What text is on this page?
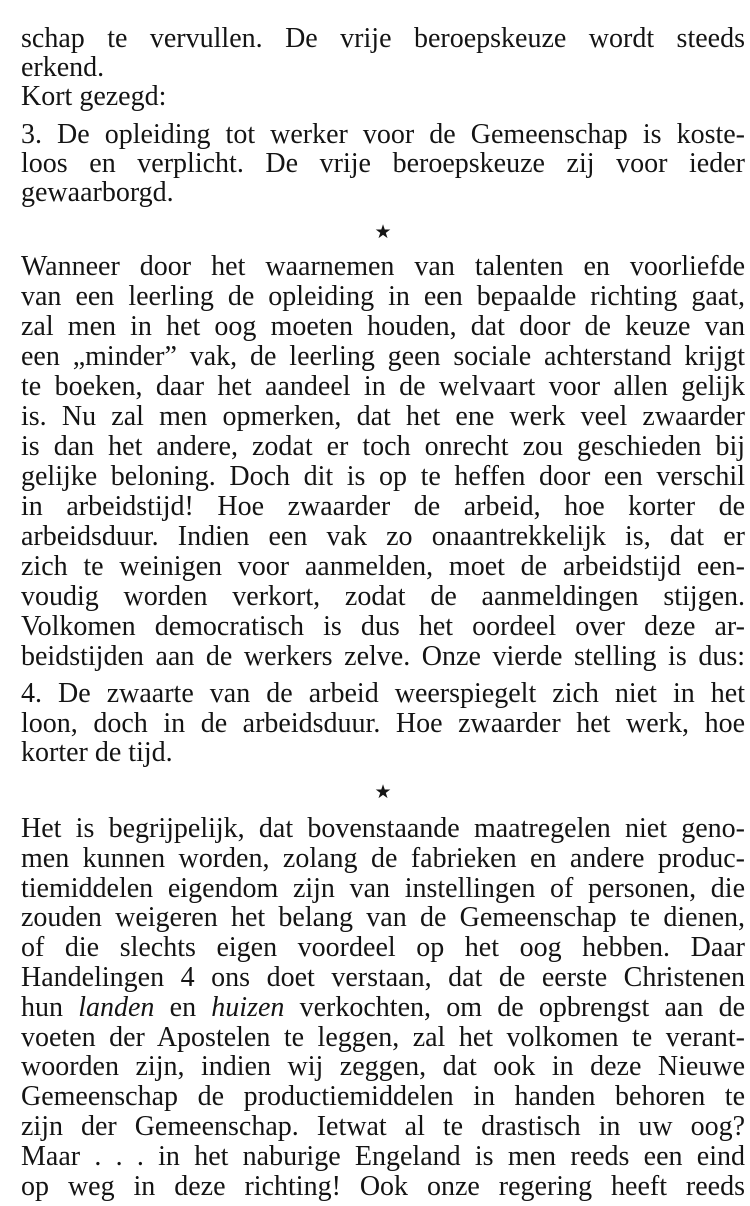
schap te vervullen. De vrije beroepskeuze wordt steeds
erkend.
Kort gezegd:
3. De opleiding tot werker voor de Gemeenschap is koste-
loos en verplicht. De vrije beroepskeuze zij voor ieder
gewaarborgd.
★
Wanneer door het waarnemen van talenten en voorliefde
van een leerling de opleiding in een bepaalde richting gaat,
zal men in het oog moeten houden, dat door de keuze van
een „minder” vak, de leerling geen sociale achterstand krijgt
te boeken, daar het aandeel in de welvaart voor allen gelijk
is. Nu zal men opmerken, dat het ene werk veel zwaarder
is dan het andere, zodat er toch onrecht zou geschieden bij
gelijke beloning. Doch dit is op te heffen door een verschil
in arbeidstijd! Hoe zwaarder de arbeid, hoe korter de
arbeidsduur. Indien een vak zo onaantrekkelijk is, dat er
zich te weinigen voor aanmelden, moet de arbeidstijd een-
voudig worden verkort, zodat de aanmeldingen stijgen.
Volkomen democratisch is dus het oordeel over deze ar-
beidstijden aan de werkers zelve. Onze vierde stelling is dus:
4. De zwaarte van de arbeid weerspiegelt zich niet in het
loon, doch in de arbeidsduur. Hoe zwaarder het werk, hoe
korter de tijd.
★
Het is begrijpelijk, dat bovenstaande maatregelen niet geno-
men kunnen worden, zolang de fabrieken en andere produc-
tiemiddelen eigendom zijn van instellingen of personen, die
zouden weigeren het belang van de Gemeenschap te dienen,
of die slechts eigen voordeel op het oog hebben. Daar
Handelingen 4 ons doet verstaan, dat de eerste Christenen
hun landen en huizen verkochten, om de opbrengst aan de
voeten der Apostelen te leggen, zal het volkomen te verant-
woorden zijn, indien wij zeggen, dat ook in deze Nieuwe
Gemeenschap de productiemiddelen in handen behoren te
zijn der Gemeenschap. Ietwat al te drastisch in uw oog?
Maar . . . in het naburige Engeland is men reeds een eind
op weg in deze richting! Ook onze regering heeft reeds
